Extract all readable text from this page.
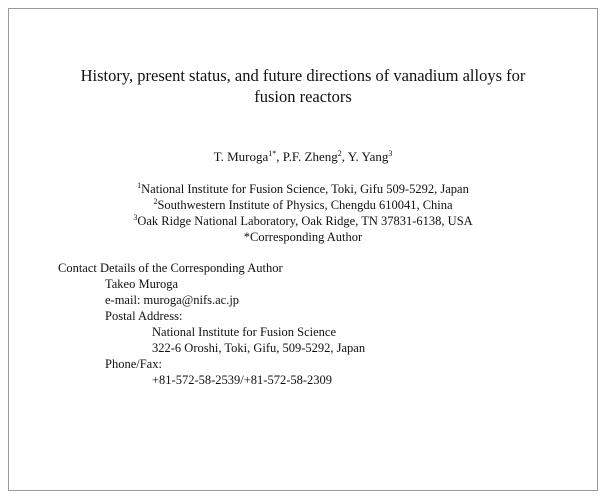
History, present status, and future directions of vanadium alloys for
fusion reactors
T. Muroga$^{1*}$, P.F. Zheng$^2$, Y. Yang$^3$
$^1$National Institute for Fusion Science, Toki, Gifu 509-5292, Japan
$^2$Southwestern Institute of Physics, Chengdu 610041, China
$^3$Oak Ridge National Laboratory, Oak Ridge, TN 37831-6138, USA
*Corresponding Author
Contact Details of the Corresponding Author
Takeo Muroga
e-mail: muroga@nifs.ac.jp
Postal Address:
National Institute for Fusion Science
322-6 Oroshi, Toki, Gifu, 509-5292, Japan
Phone/Fax:
+81-572-58-2539/+81-572-58-2309
